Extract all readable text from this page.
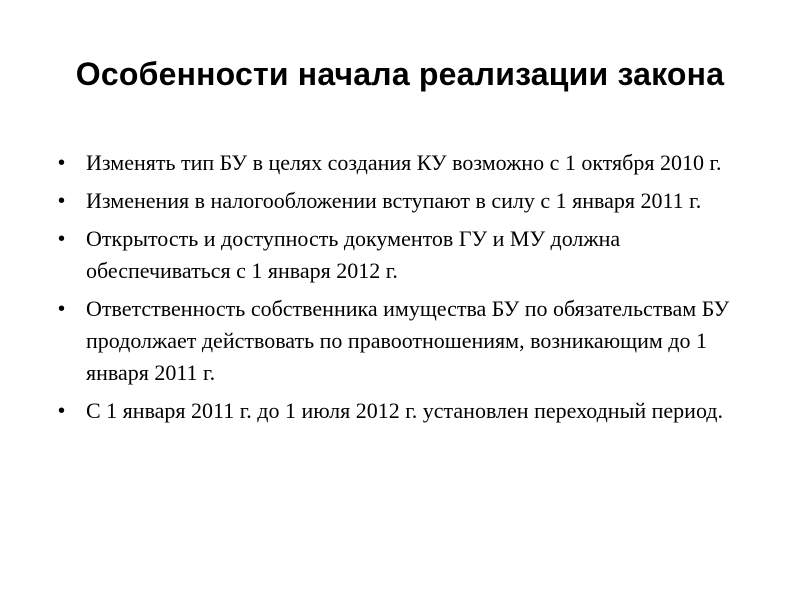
Особенности начала реализации закона
• Изменять тип БУ в целях создания КУ возможно с 1 октября 2010 г.
• Изменения в налогообложении вступают в силу с 1 января 2011 г.
• Открытость и доступность документов ГУ и МУ должна обеспечиваться с 1 января 2012 г.
• Ответственность собственника имущества БУ по обязательствам БУ продолжает действовать по правоотношениям, возникающим до 1 января 2011 г.
• С 1 января 2011 г. до 1 июля 2012 г. установлен переходный период.
